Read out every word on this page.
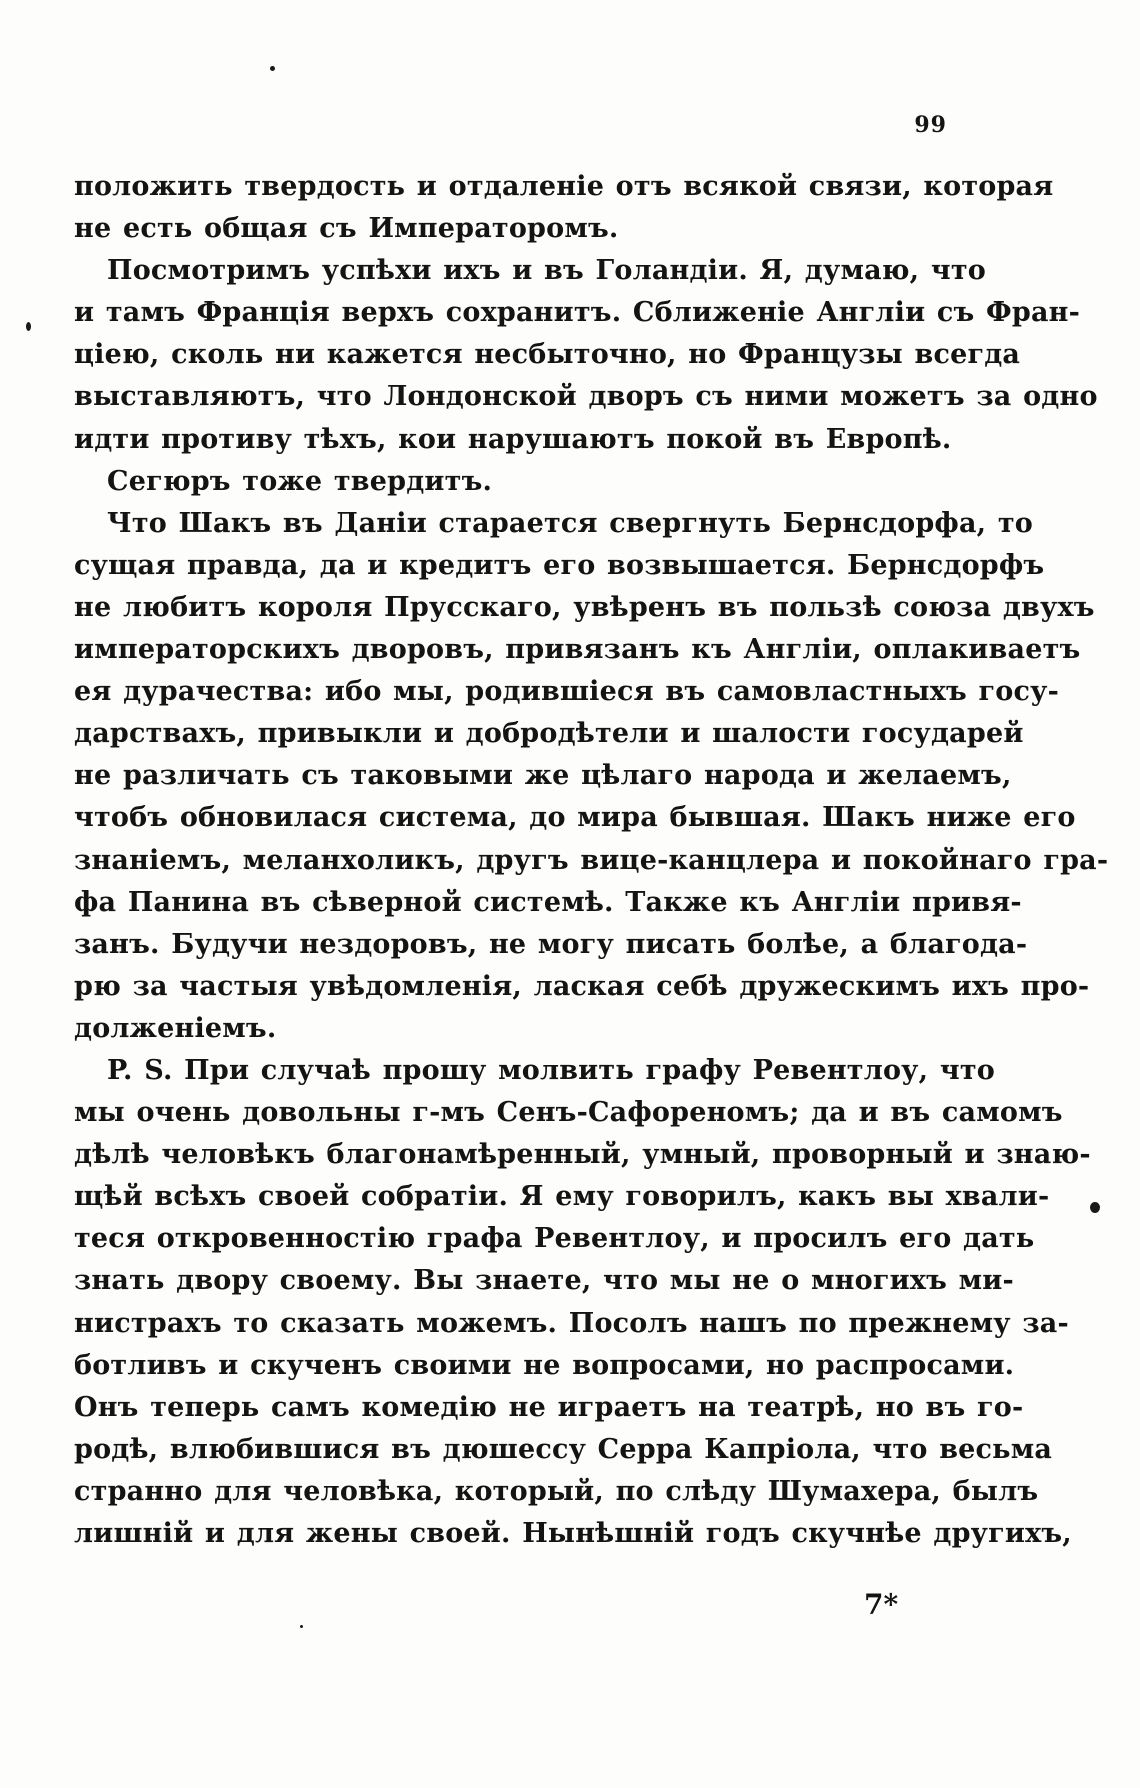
99
положить твердость и отдаленіе отъ всякой связи, которая
не есть общая съ Императоромъ.
Посмотримъ успѣхи ихъ и въ Голандіи. Я, думаю, что
и тамъ Франція верхъ сохранитъ. Сближеніе Англіи съ Фран-
ціею, сколь ни кажется несбыточно, но Французы всегда
выставляютъ, что Лондонской дворъ съ ними можетъ за одно
идти противу тѣхъ, кои нарушаютъ покой въ Европѣ.
Сегюръ тоже твердитъ.
Что Шакъ въ Даніи старается свергнуть Бернсдорфа, то
сущая правда, да и кредитъ его возвышается. Бернсдорфъ
не любитъ короля Прусскаго, увѣренъ въ пользѣ союза двухъ
императорскихъ дворовъ, привязанъ къ Англіи, оплакиваетъ
ея дурачества: ибо мы, родившіеся въ самовластныхъ госу-
дарствахъ, привыкли и добродѣтели и шалости государей
не различать съ таковыми же цѣлаго народа и желаемъ,
чтобъ обновилася система, до мира бывшая. Шакъ ниже его
знаніемъ, меланхоликъ, другъ вице-канцлера и покойнаго гра-
фа Панина въ сѣверной системѣ. Также къ Англіи привя-
занъ. Будучи нездоровъ, не могу писать болѣе, а благода-
рю за частыя увѣдомленія, лаская себѣ дружескимъ ихъ про-
долженіемъ.
P. S. При случаѣ прошу молвить графу Ревентлоу, что
мы очень довольны г-мъ Сенъ-Сафореномъ; да и въ самомъ
дѣлѣ человѣкъ благонамѣренный, умный, проворный и знаю-
щѣй всѣхъ своей собратіи. Я ему говорилъ, какъ вы хвали-
теся откровенностію графа Ревентлоу, и просилъ его дать
знать двору своему. Вы знаете, что мы не о многихъ ми-
нистрахъ то сказать можемъ. Посолъ нашъ по прежнему за-
ботливъ и скученъ своими не вопросами, но распросами.
Онъ теперь самъ комедію не играетъ на театрѣ, но въ го-
родѣ, влюбившися въ дюшессу Серра Капріола, что весьма
странно для человѣка, который, по слѣду Шумахера, былъ
лишній и для жены своей. Нынѣшній годъ скучнѣе другихъ,
7*
